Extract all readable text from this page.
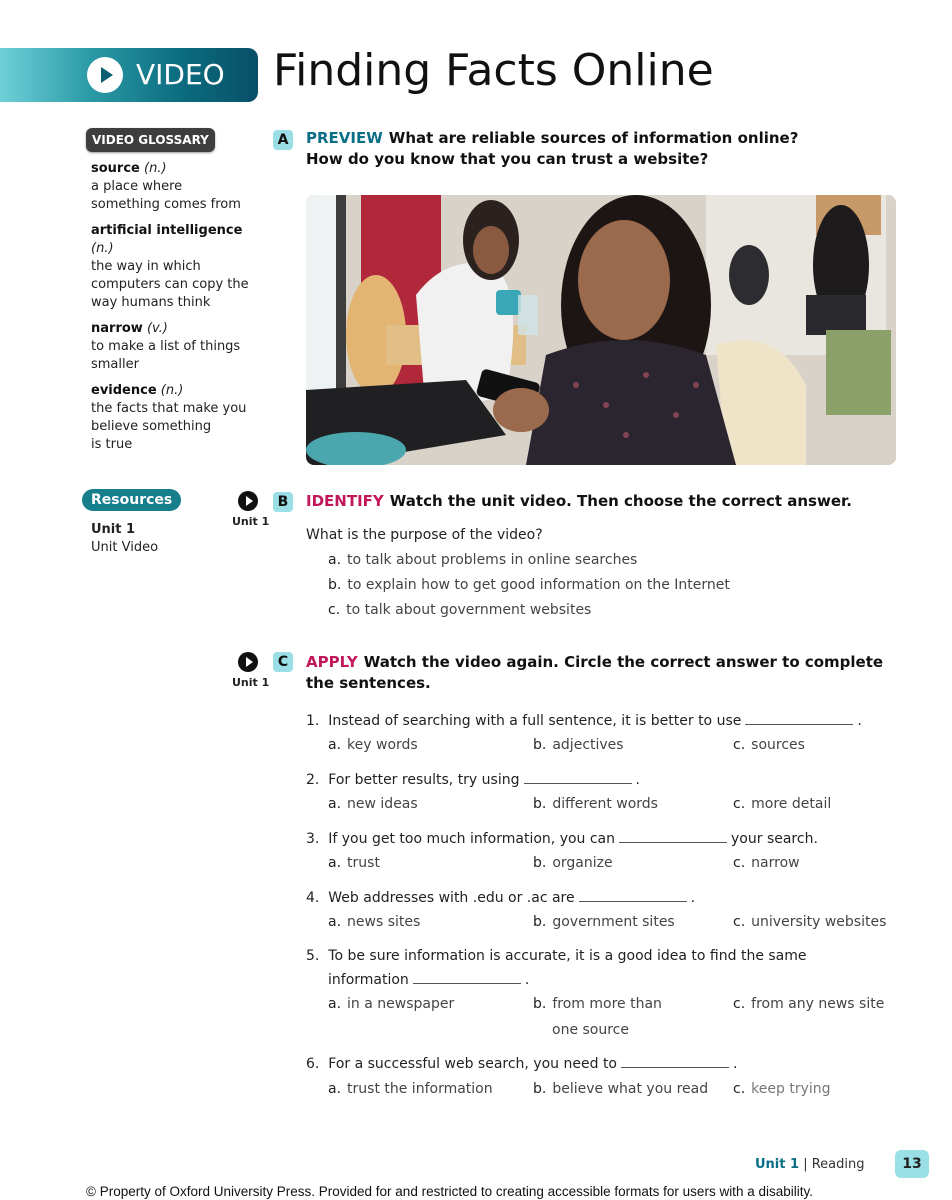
VIDEO Finding Facts Online
VIDEO GLOSSARY
source (n.)
a place where
something comes from
artificial intelligence (n.)
the way in which
computers can copy the
way humans think
narrow (v.)
to make a list of things
smaller
evidence (n.)
the facts that make you
believe something
is true
A	PREVIEW What are reliable sources of information online?
How do you know that you can trust a website?
Resources
Unit 1
Unit Video
Unit 1
B	IDENTIFY Watch the unit video. Then choose the correct answer.
What is the purpose of the video?
a. to talk about problems in online searches
b. to explain how to get good information on the Internet
c. to talk about government websites
Unit 1
C	APPLY Watch the video again. Circle the correct answer to complete
the sentences.
1. Instead of searching with a full sentence, it is better to use	.
a. key words	b. adjectives	c. sources
2. For better results, try using	.
a. new ideas	b. different words	c. more detail
3. If you get too much information, you can	your search.
a. trust	b. organize	c. narrow
4. Web addresses with .edu or .ac are	.
a. news sites	b. government sites	c. university websites
5. To be sure information is accurate, it is a good idea to find the same
information	.
a. in a newspaper	b. from more than
one source
c. from any news site
6. For a successful web search, you need to	.
a. trust the information	b. believe what you read c. keep trying
Unit 1 | Reading	13
© Property of Oxford University Press. Provided for and restricted to creating accessible formats for users with a disability.
